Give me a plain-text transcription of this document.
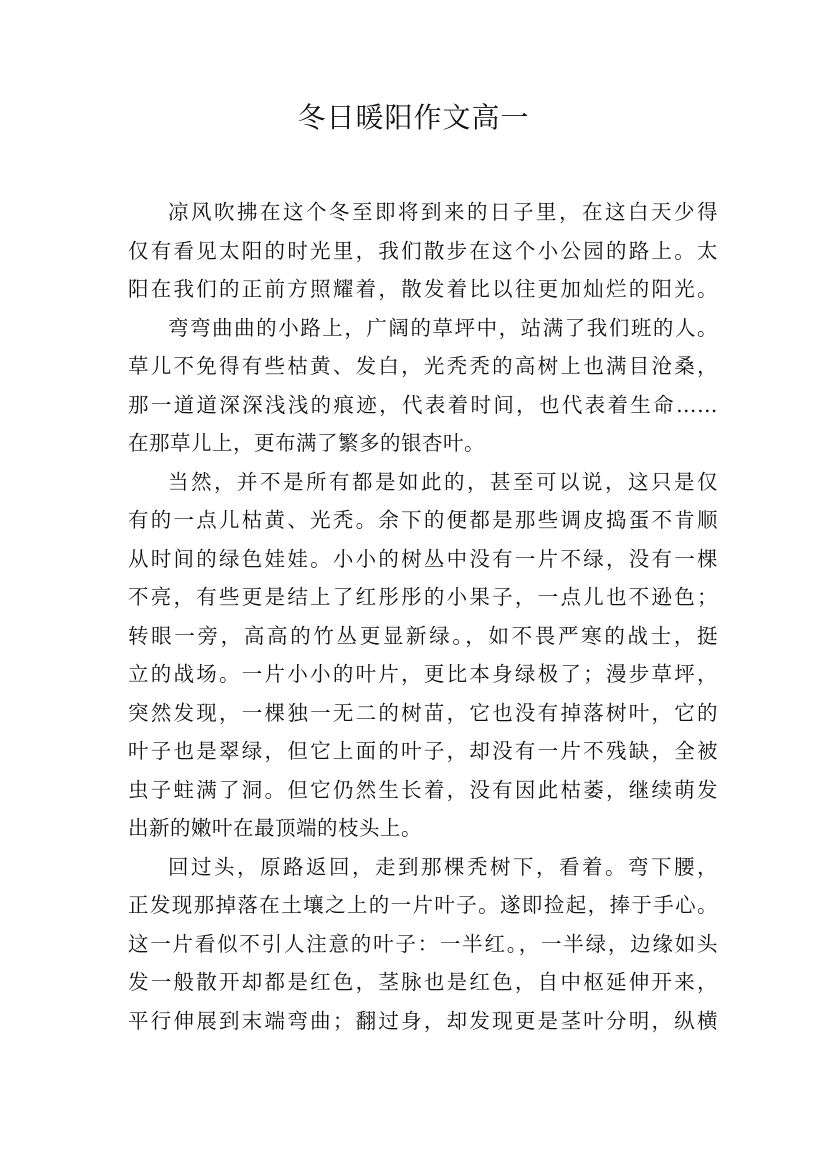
冬日暖阳作文高一
凉风吹拂在这个冬至即将到来的日子里，在这白天少得
仅有看见太阳的时光里，我们散步在这个小公园的路上。太
阳在我们的正前方照耀着，散发着比以往更加灿烂的阳光。
弯弯曲曲的小路上，广阔的草坪中，站满了我们班的人。
草儿不免得有些枯黄、发白，光秃秃的高树上也满目沧桑，
那一道道深深浅浅的痕迹，代表着时间，也代表着生命……
在那草儿上，更布满了繁多的银杏叶。
当然，并不是所有都是如此的，甚至可以说，这只是仅
有的一点儿枯黄、光秃。余下的便都是那些调皮捣蛋不肯顺
从时间的绿色娃娃。小小的树丛中没有一片不绿，没有一棵
不亮，有些更是结上了红彤彤的小果子，一点儿也不逊色；
转眼一旁，高高的竹丛更显新绿。，如不畏严寒的战士，挺
立的战场。一片小小的叶片，更比本身绿极了；漫步草坪，
突然发现，一棵独一无二的树苗，它也没有掉落树叶，它的
叶子也是翠绿，但它上面的叶子，却没有一片不残缺，全被
虫子蛀满了洞。但它仍然生长着，没有因此枯萎，继续萌发
出新的嫩叶在最顶端的枝头上。
回过头，原路返回，走到那棵秃树下，看着。弯下腰，
正发现那掉落在土壤之上的一片叶子。遂即捡起，捧于手心。
这一片看似不引人注意的叶子：一半红。，一半绿，边缘如头
发一般散开却都是红色，茎脉也是红色，自中枢延伸开来，
平行伸展到末端弯曲；翻过身，却发现更是茎叶分明，纵横
